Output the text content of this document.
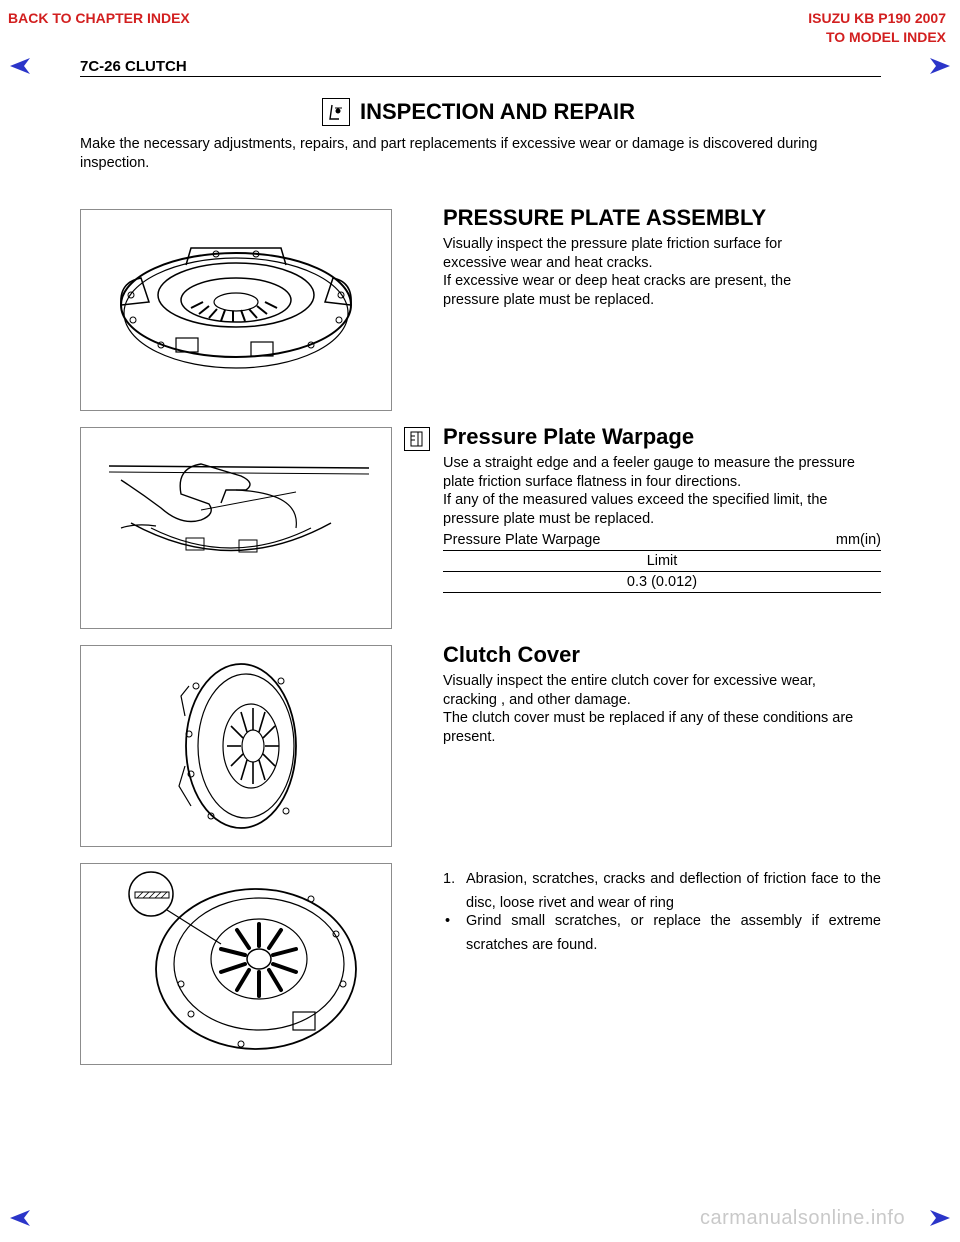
BACK TO CHAPTER INDEX	ISUZU KB P190 2007
TO MODEL INDEX
7C-26 CLUTCH
INSPECTION AND REPAIR
Make the necessary adjustments, repairs, and part replacements if excessive wear or damage is discovered during inspection.
PRESSURE PLATE ASSEMBLY
Visually inspect the pressure plate friction surface for excessive wear and heat cracks.
If excessive wear or deep heat cracks are present, the pressure plate must be replaced.
Pressure Plate Warpage
Use a straight edge and a feeler gauge to measure the pressure plate friction surface flatness in four directions.
If any of the measured values exceed the specified limit, the pressure plate must be replaced.
Pressure Plate Warpage	mm(in)
Limit
0.3 (0.012)
Clutch Cover
Visually inspect the entire clutch cover for excessive wear, cracking , and other damage.
The clutch cover must be replaced if any of these conditions are present.
1. Abrasion, scratches, cracks and deflection of friction face to the disc, loose rivet and wear of ring
• Grind small scratches, or replace the assembly if extreme scratches are found.
carmanualsonline.info
